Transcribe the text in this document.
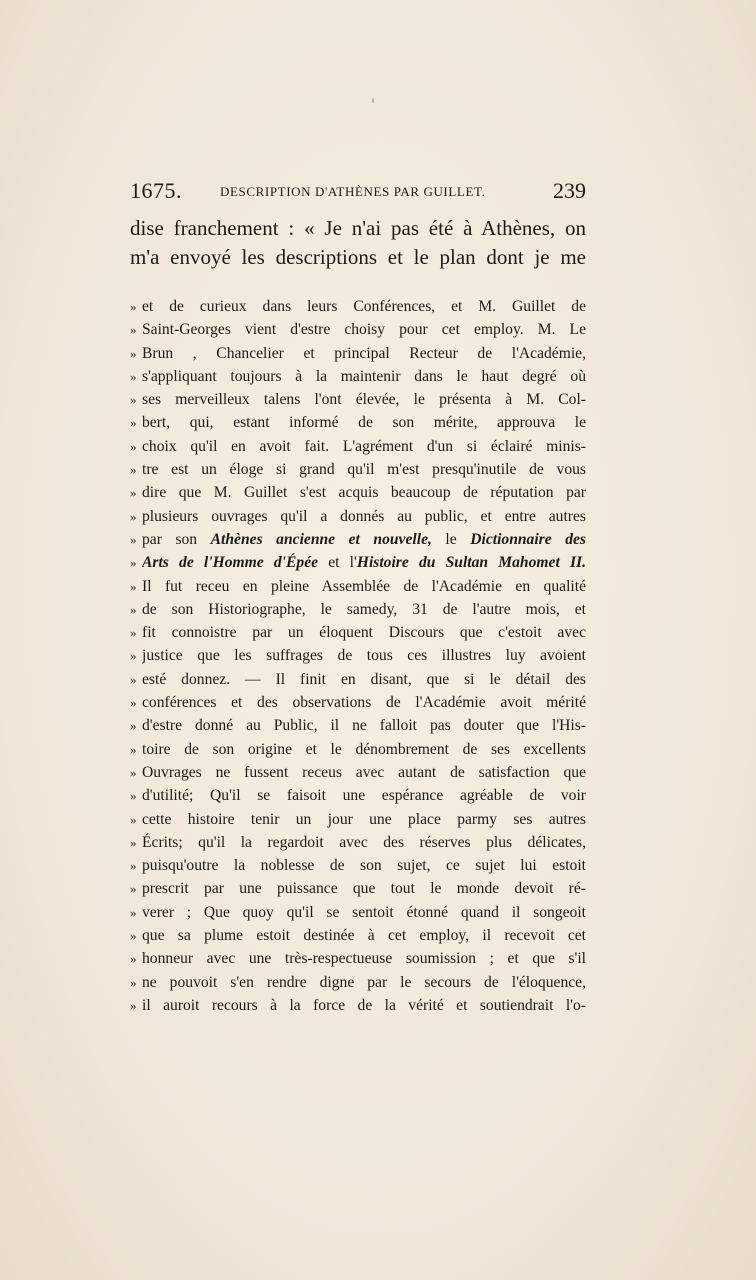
1675.	DESCRIPTION D'ATHÈNES PAR GUILLET.	239
dise franchement : « Je n'ai pas été à Athènes, on
m'a envoyé les descriptions et le plan dont je me
» et de curieux dans leurs Conférences, et M. Guillet de
» Saint-Georges vient d'estre choisy pour cet employ. M. Le
» Brun , Chancelier et principal Recteur de l'Académie,
» s'appliquant toujours à la maintenir dans le haut degré où
» ses merveilleux talens l'ont élevée, le présenta à M. Col-
» bert, qui, estant informé de son mérite, approuva le
» choix qu'il en avoit fait. L'agrément d'un si éclairé minis-
» tre est un éloge si grand qu'il m'est presqu'inutile de vous
» dire que M. Guillet s'est acquis beaucoup de réputation par
» plusieurs ouvrages qu'il a donnés au public, et entre autres
» par son Athènes ancienne et nouvelle, le Dictionnaire des
» Arts de l'Homme d'Épée et l'Histoire du Sultan Mahomet II.
» Il fut receu en pleine Assemblée de l'Académie en qualité
» de son Historiographe, le samedy, 31 de l'autre mois, et
» fit connoistre par un éloquent Discours que c'estoit avec
» justice que les suffrages de tous ces illustres luy avoient
» esté donnez. — Il finit en disant, que si le détail des
» conférences et des observations de l'Académie avoit mérité
» d'estre donné au Public, il ne falloit pas douter que l'His-
» toire de son origine et le dénombrement de ses excellents
» Ouvrages ne fussent receus avec autant de satisfaction que
» d'utilité; Qu'il se faisoit une espérance agréable de voir
» cette histoire tenir un jour une place parmy ses autres
» Écrits; qu'il la regardoit avec des réserves plus délicates,
» puisqu'outre la noblesse de son sujet, ce sujet lui estoit
» prescrit par une puissance que tout le monde devoit ré-
» verer ; Que quoy qu'il se sentoit étonné quand il songeoit
» que sa plume estoit destinée à cet employ, il recevoit cet
» honneur avec une très-respectueuse soumission ; et que s'il
» ne pouvoit s'en rendre digne par le secours de l'éloquence,
» il auroit recours à la force de la vérité et soutiendrait l'o-
